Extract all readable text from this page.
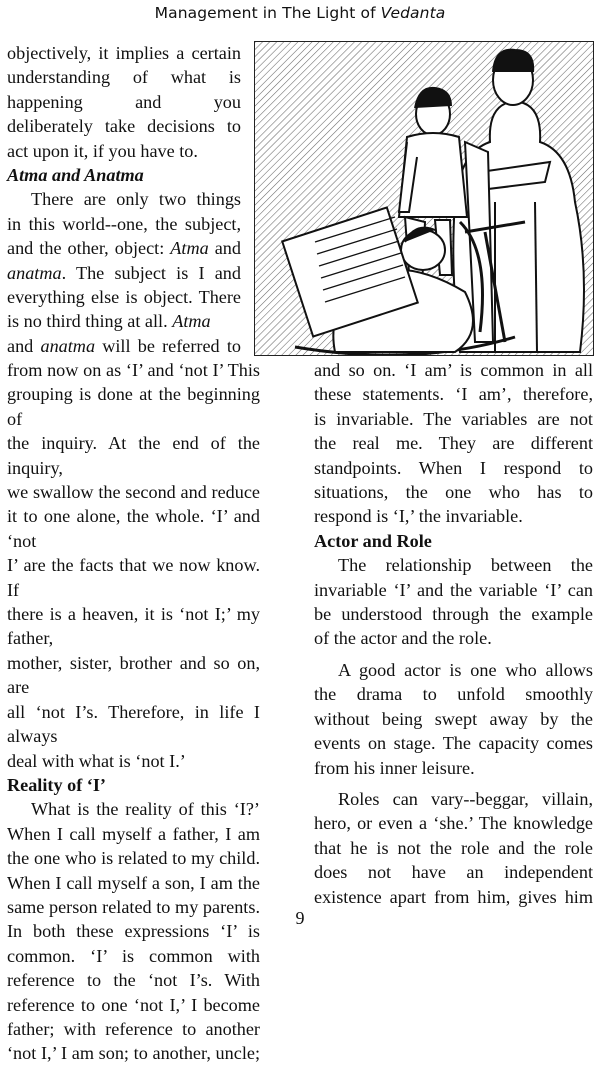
Management in The Light of Vedanta

objectively, it implies a certain

understanding of what is

happening and you

deliberately take decisions to

act upon it, if you have to.

Atma and Anatma

There are only two things

in this world--one, the subject,

and the other, object: Atma and

anatma. The subject is I and

everything else is object. There

is no third thing at all. Atma

and anatma will be referred to

from now on as ‘I’ and ‘not I’ This

grouping is done at the beginning of

the inquiry. At the end of the inquiry,

we swallow the second and reduce

it to one alone, the whole. ‘I’ and ‘not

I’ are the facts that we now know. If

there is a heaven, it is ‘not I;’ my father,

mother, sister, brother and so on, are

all ‘not I’s. Therefore, in life I always

deal with what is ‘not I.’

Reality of ‘I’

What is the reality of this ‘I?’

When I call myself a father, I am

the one who is related to my child.

When I call myself a son, I am the

same person related to my parents.

In both these expressions ‘I’ is

common. ‘I’ is common with

reference to the ‘not I’s. With

reference to one ‘not I,’ I become

father; with reference to another

‘not I,’ I am son; to another, uncle;

and so on. ‘I am’ is common in all

these statements. ‘I am’, therefore,

is invariable. The variables are not

the real me. They are different

standpoints. When I respond to

situations, the one who has to

respond is ‘I,’ the invariable.

Actor and Role

The relationship between the

invariable ‘I’ and the variable ‘I’ can

be understood through the example

of the actor and the role.

A good actor is one who allows

the drama to unfold smoothly

without being swept away by the

events on stage. The capacity comes

from his inner leisure.

Roles can vary--beggar, villain,

hero, or even a ‘she.’ The knowledge

that he is not the role and the role

does not have an independent

existence apart from him, gives him

9
